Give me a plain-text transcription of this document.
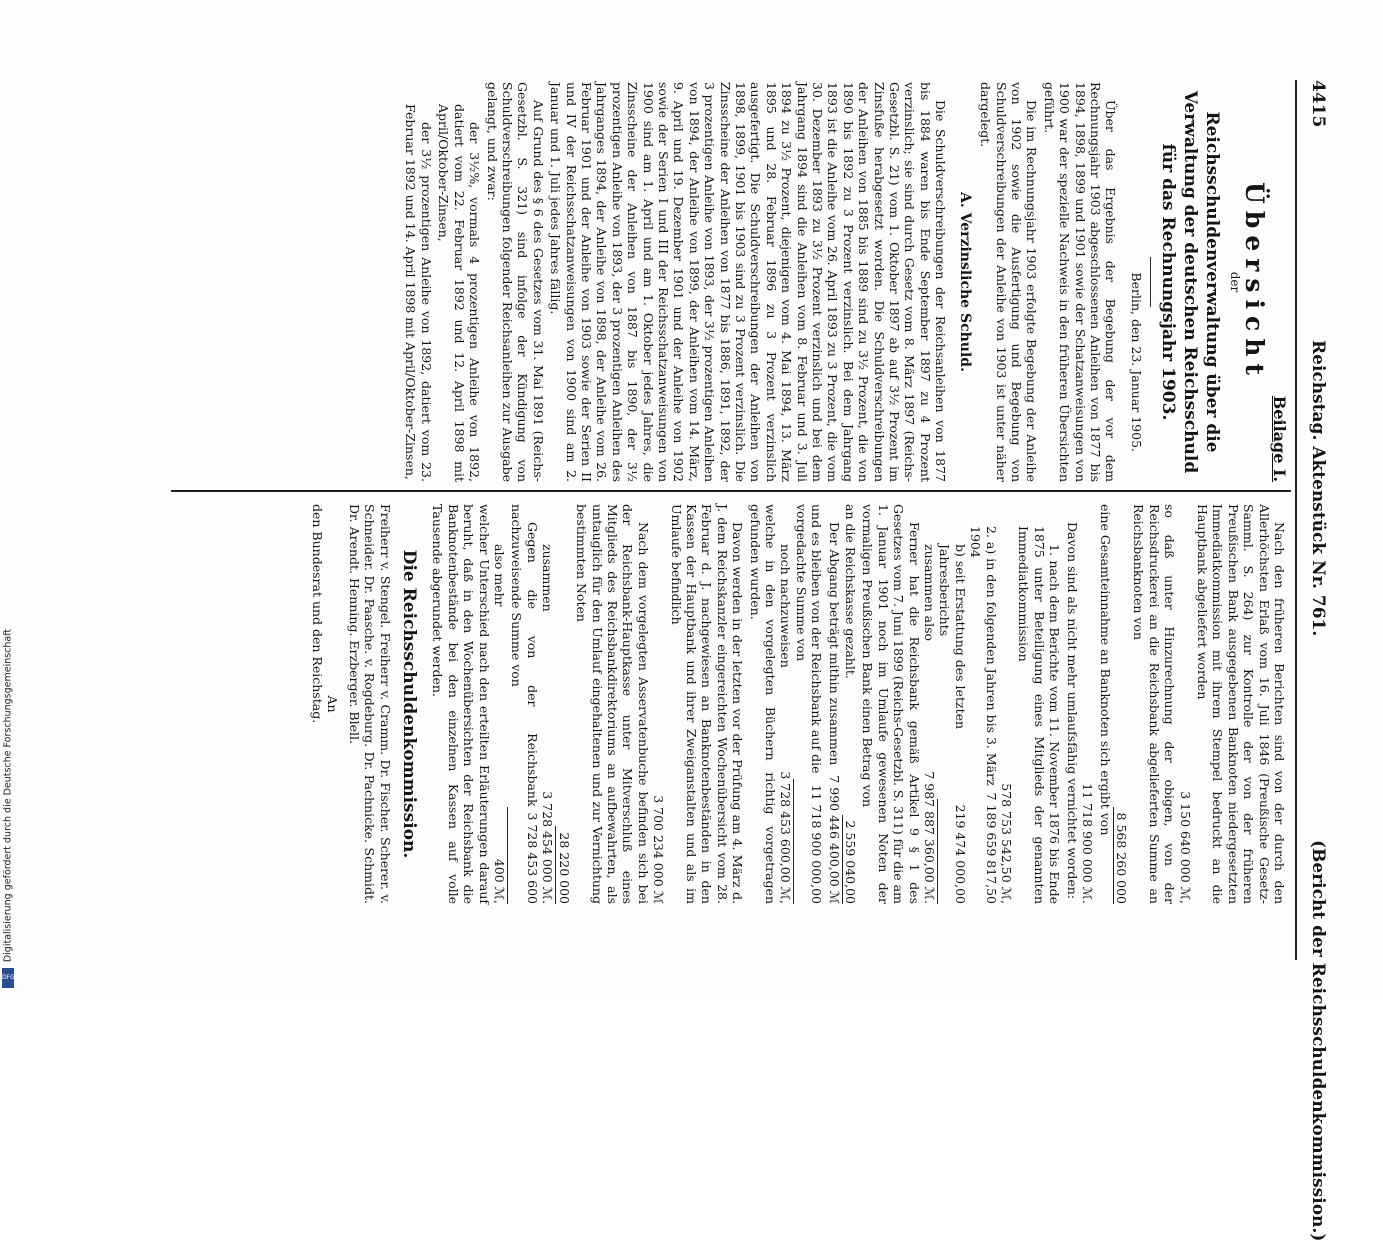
Digitalisierung gefördert durch die Deutsche Forschungsgemeinschaft
DFG
4415
Reichstag. Aktenstück Nr. 761.
(Bericht der Reichsschuldenkommission.)
Beilage I.
Übersicht
der
Reichsschuldenverwaltung über die Verwaltung der deutschen Reichsschuld für das Rechnungsjahr 1903.
Berlin, den 23. Januar 1905.

Über das Ergebnis der Begebung der vor dem Rechnungsjahr 1903 abgeschlossenen Anleihen von 1877 bis 1894, 1898, 1899 und 1901 sowie der Schatzanweisungen von 1900 war der spezielle Nachweis in den früheren Übersichten geführt.

Die im Rechnungsjahr 1903 erfolgte Begebung der Anleihe von 1902 sowie die Ausfertigung und Begebung von Schuldverschreibungen der Anleihe von 1903 ist unter näher dargelegt.

A. Verzinsliche Schuld.

Die Schuldverschreibungen der Reichsanleihen von 1877 bis 1884 waren bis Ende September 1897 zu 4 Prozent verzinslich; sie sind durch Gesetz vom 8. März 1897 (Reichs-Gesetzbl. S. 21) vom 1. Oktober 1897 ab auf 3½ Prozent im Zinsfuße herabgesetzt worden. Die Schuldverschreibungen der Anleihen von 1885 bis 1889 sind zu 3½ Prozent, die von 1890 bis 1892 zu 3 Prozent verzinslich. Bei dem Jahrgang 1893 ist die Anleihe vom 26. April 1893 zu 3 Prozent, die vom 30. Dezember 1893 zu 3½ Prozent verzinslich und bei dem Jahrgang 1894 sind die Anleihen vom 8. Februar und 3. Juli 1894 zu 3½ Prozent, diejenigen vom 4. Mai 1894, 13. März 1895 und 28. Februar 1896 zu 3 Prozent verzinslich ausgefertigt. Die Schuldverschreibungen der Anleihen von 1898, 1899, 1901 bis 1903 sind zu 3 Prozent verzinslich. Die Zinsscheine der Anleihen von 1877 bis 1886, 1891, 1892, der 3 prozentigen Anleihe von 1893, der 3½ prozentigen Anleihen von 1894, der Anleihe von 1899, der Anleihen vom 14. März, 9. April und 19. Dezember 1901 und der Anleihe von 1902 sowie der Serien I und III der Reichsschatzanweisungen von 1900 sind am 1. April und am 1. Oktober jedes Jahres, die Zinsscheine der Anleihen von 1887 bis 1890, der 3½ prozentigen Anleihe von 1893, der 3 prozentigen Anleihen des Jahrganges 1894, der Anleihe von 1898, der Anleihe vom 26. Februar 1901 und der Anleihe von 1903 sowie der Serien II und IV der Reichsschatzanweisungen von 1900 sind am 2. Januar und 1. Juli jedes Jahres fällig.

Auf Grund des § 6 des Gesetzes vom 31. Mai 1891 (Reichs-Gesetzbl. S. 321) sind infolge der Kündigung von Schuldverschreibungen folgender Reichsanleihen zur Ausgabe gelangt, und zwar:

der 3½%, vormals 4 prozentigen Anleihe von 1892, datiert vom 22. Februar 1892 und 12. April 1898 mit April/Oktober-Zinsen,

der 3½ prozentigen Anleihe von 1892, datiert vom 23. Februar 1892 und 14. April 1898 mit April/Oktober-Zinsen,

Nach den früheren Berichten sind von der durch den Allerhöchsten Erlaß vom 16. Juli 1846 (Preußische Gesetz-Samml. S. 264) zur Kontrolle der von der früheren Preußischen Bank ausgegebenen Banknoten niedergesetzten Immediatkommission mit ihrem Stempel bedruckt an die Hauptbank abgeliefert worden

3 150 640 000 ℳ,

so daß unter Hinzurechnung der obigen, von der Reichsdruckerei an die Reichsbank abgelieferten Summe an Reichsbanknoten von

8 568 260 000

eine Gesamteinnahme an Banknoten sich ergibt von

11 718 900 000 ℳ.

Davon sind als nicht mehr umlaufsfähig vernichtet worden:

1. nach dem Berichte vom 11. November 1876 bis Ende 1875 unter Beteiligung eines Mitglieds der genannten Immediatkommission

578 753 542,50 ℳ,
2. a) in den folgenden Jahren bis 3. März 1904
7 189 659 817,50
b) seit Erstattung des letzten Jahresberichts
219 474 000,00
zusammen also
7 987 887 360,00 ℳ.

Ferner hat die Reichsbank gemäß Artikel 9 § 1 des Gesetzes vom 7. Juni 1899 (Reichs-Gesetzbl. S. 311) für die am 1. Januar 1901 noch im Umlaufe gewesenen Noten der vormaligen Preußischen Bank einen Betrag von

an die Reichskasse gezahlt.
2 559 040,00
Der Abgang beträgt mithin zusammen
7 990 446 400,00 ℳ
und es bleiben von der Reichsbank auf die vorgedachte Summe von
11 718 900 000,00
noch nachzuweisen
3 728 453 600,00 ℳ,

welche in den vorgelegten Büchern richtig vorgetragen gefunden wurden.

Davon werden in der letzten vor der Prüfung am 4. März d. J. dem Reichskanzler eingereichten Wochenübersicht vom 28. Februar d. J. nachgewiesen an Banknotenbeständen in den Kassen der Hauptbank und ihrer Zweiganstalten und als im Umlaufe befindlich

3 700 234 000 ℳ

Nach dem vorgelegten Asservatenbuche befinden sich bei der Reichsbank-Hauptkasse unter Mitverschluß eines Mitglieds des Reichsbankdirektoriums an aufbewahrten, als untauglich für den Umlauf eingehaltenen und zur Vernichtung bestimmten Noten

28 220 000
zusammen
3 728 454 000 ℳ.
Gegen die von der Reichsbank nachzuweisende Summe von
3 728 453 600
also mehr
400 ℳ,

welcher Unterschied nach den erteilten Erläuterungen darauf beruht, daß in den Wochenübersichten der Reichsbank die Banknotenbestände bei den einzelnen Kassen auf volle Tausende abgerundet werden.

Die Reichsschuldenkommission.

Freiherr v. Stengel. Freiherr v. Cramm. Dr. Fischer. Scherer. v. Schneider. Dr. Paasche. v. Rogdeburg. Dr. Pachnicke. Schmidt. Dr. Arendt. Henning. Erzberger. Blell.

An

den Bundesrat und den Reichstag.
